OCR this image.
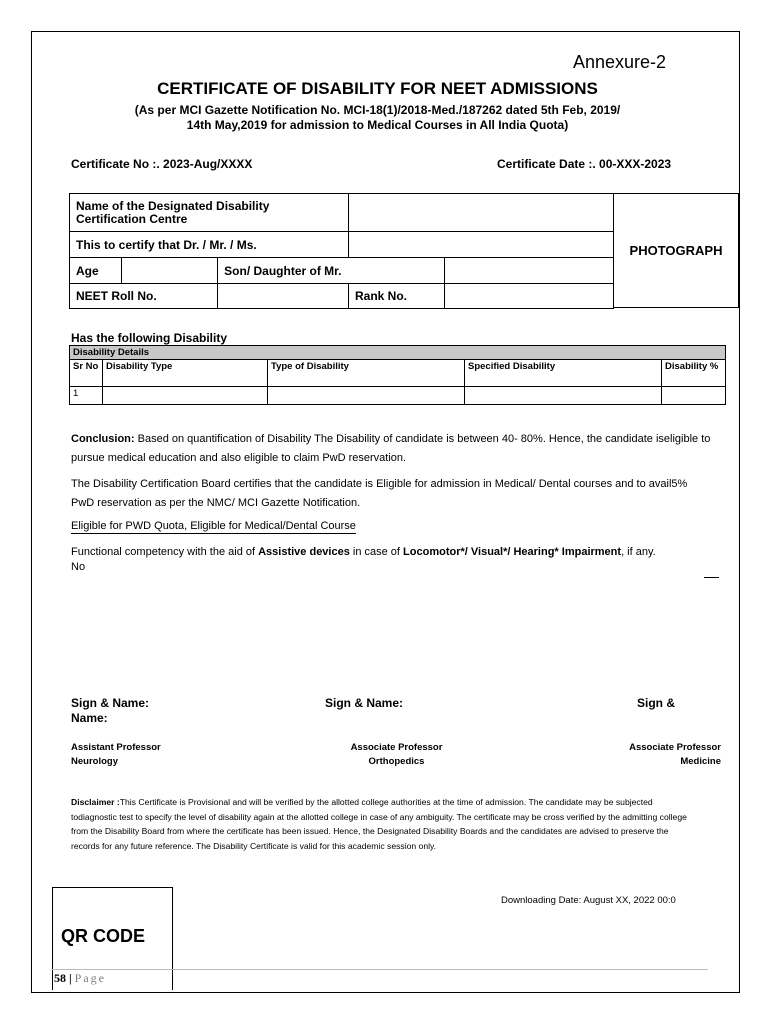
Annexure-2
CERTIFICATE OF DISABILITY FOR NEET ADMISSIONS
(As per MCI Gazette Notification No. MCI-18(1)/2018-Med./187262 dated 5th Feb, 2019/
14th May,2019 for admission to Medical Courses in All India Quota)
Certificate No :. 2023-Aug/XXXX	Certificate Date :. 00-XXX-2023
Name of the Designated Disability Certification Centre				
This to certify that Dr. / Mr. / Ms.				
Age		Son/ Daughter of Mr.		
NEET Roll No.			Rank No.	
PHOTOGRAPH
Has the following Disability
Disability Details				
Sr No	Disability Type	Type of Disability	Specified Disability	Disability %
1				
Conclusion: Based on quantification of Disability The Disability of candidate is between 40- 80%. Hence, the candidate iseligible to pursue medical education and also eligible to claim PwD reservation.
The Disability Certification Board certifies that the candidate is Eligible for admission in Medical/ Dental courses and to avail5% PwD reservation as per the NMC/ MCI Gazette Notification.
Eligible for PWD Quota, Eligible for Medical/Dental Course
Functional competency with the aid of Assistive devices in case of Locomotor*/ Visual*/ Hearing* Impairment, if any.
No
Sign & Name:
Name:
Sign & Name:	Sign &
Assistant Professor
Neurology
Associate Professor
Orthopedics
Associate Professor
Medicine
Disclaimer :This Certificate is Provisional and will be verified by the allotted college authorities at the time of admission. The candidate may be subjected todiagnostic test to specify the level of disability again at the allotted college in case of any ambiguity. The certificate may be cross verified by the admitting college from the Disability Board from where the certificate has been issued. Hence, the Designated Disability Boards and the candidates are advised to preserve the records for any future reference. The Disability Certificate is valid for this academic session only.
Downloading Date: August XX, 2022 00:0
QR CODE
58 | Page
